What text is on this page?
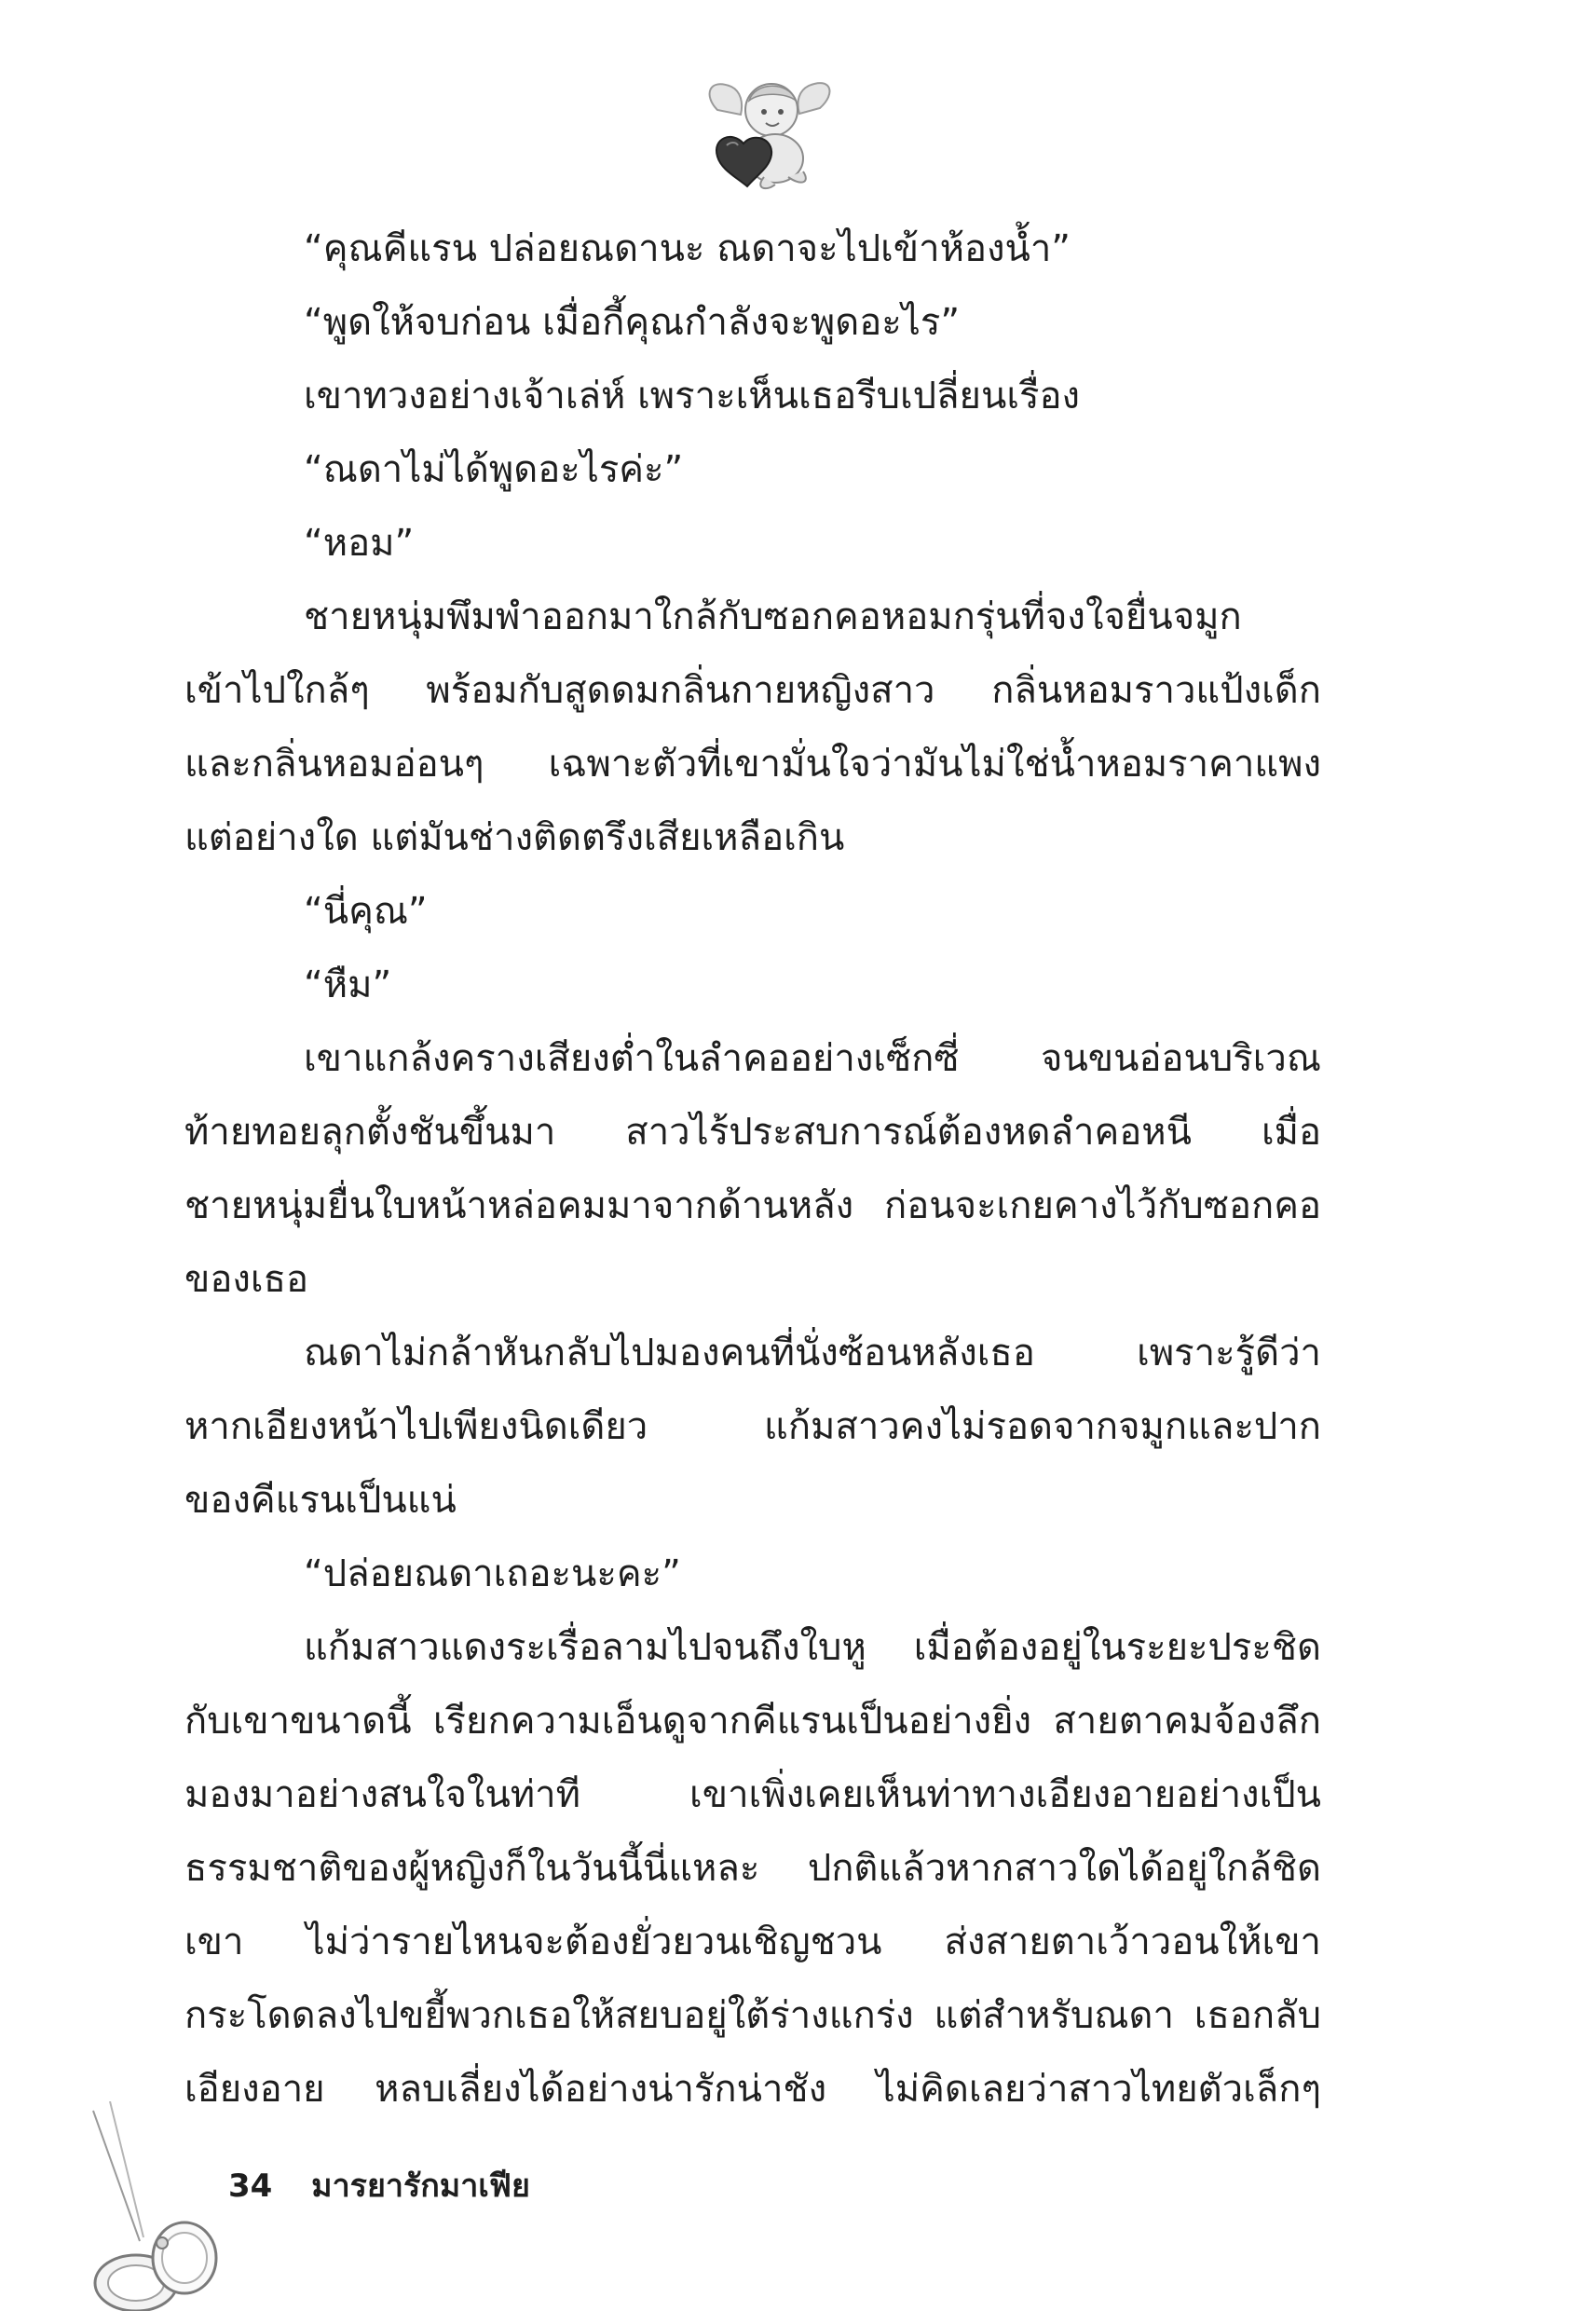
“คุณคีแรน ปล่อยณดานะ ณดาจะไปเข้าห้องน้ำ”
“พูดให้จบก่อน เมื่อกี้คุณกำลังจะพูดอะไร”
เขาทวงอย่างเจ้าเล่ห์ เพราะเห็นเธอรีบเปลี่ยนเรื่อง
“ณดาไม่ได้พูดอะไรค่ะ”
“หอม”
ชายหนุ่มพึมพำออกมาใกล้กับซอกคอหอมกรุ่นที่จงใจยื่นจมูก
เข้าไปใกล้ๆ พร้อมกับสูดดมกลิ่นกายหญิงสาว กลิ่นหอมราวแป้งเด็ก
และกลิ่นหอมอ่อนๆ เฉพาะตัวที่เขามั่นใจว่ามันไม่ใช่น้ำหอมราคาแพง
แต่อย่างใด แต่มันช่างติดตรึงเสียเหลือเกิน
“นี่คุณ”
“หืม”
เขาแกล้งครางเสียงต่ำในลำคออย่างเซ็กซี่ จนขนอ่อนบริเวณ
ท้ายทอยลุกตั้งชันขึ้นมา สาวไร้ประสบการณ์ต้องหดลำคอหนี เมื่อ
ชายหนุ่มยื่นใบหน้าหล่อคมมาจากด้านหลัง ก่อนจะเกยคางไว้กับซอกคอ
ของเธอ
ณดาไม่กล้าหันกลับไปมองคนที่นั่งซ้อนหลังเธอ เพราะรู้ดีว่า
หากเอียงหน้าไปเพียงนิดเดียว แก้มสาวคงไม่รอดจากจมูกและปาก
ของคีแรนเป็นแน่
“ปล่อยณดาเถอะนะคะ”
แก้มสาวแดงระเรื่อลามไปจนถึงใบหู เมื่อต้องอยู่ในระยะประชิด
กับเขาขนาดนี้ เรียกความเอ็นดูจากคีแรนเป็นอย่างยิ่ง สายตาคมจ้องลึก
มองมาอย่างสนใจในท่าที เขาเพิ่งเคยเห็นท่าทางเอียงอายอย่างเป็น
ธรรมชาติของผู้หญิงก็ในวันนี้นี่แหละ ปกติแล้วหากสาวใดได้อยู่ใกล้ชิด
เขา ไม่ว่ารายไหนจะต้องยั่วยวนเชิญชวน ส่งสายตาเว้าวอนให้เขา
กระโดดลงไปขยี้พวกเธอให้สยบอยู่ใต้ร่างแกร่ง แต่สำหรับณดา เธอกลับ
เอียงอาย หลบเลี่ยงได้อย่างน่ารักน่าชัง ไม่คิดเลยว่าสาวไทยตัวเล็กๆ
34 มารยารักมาเฟีย
